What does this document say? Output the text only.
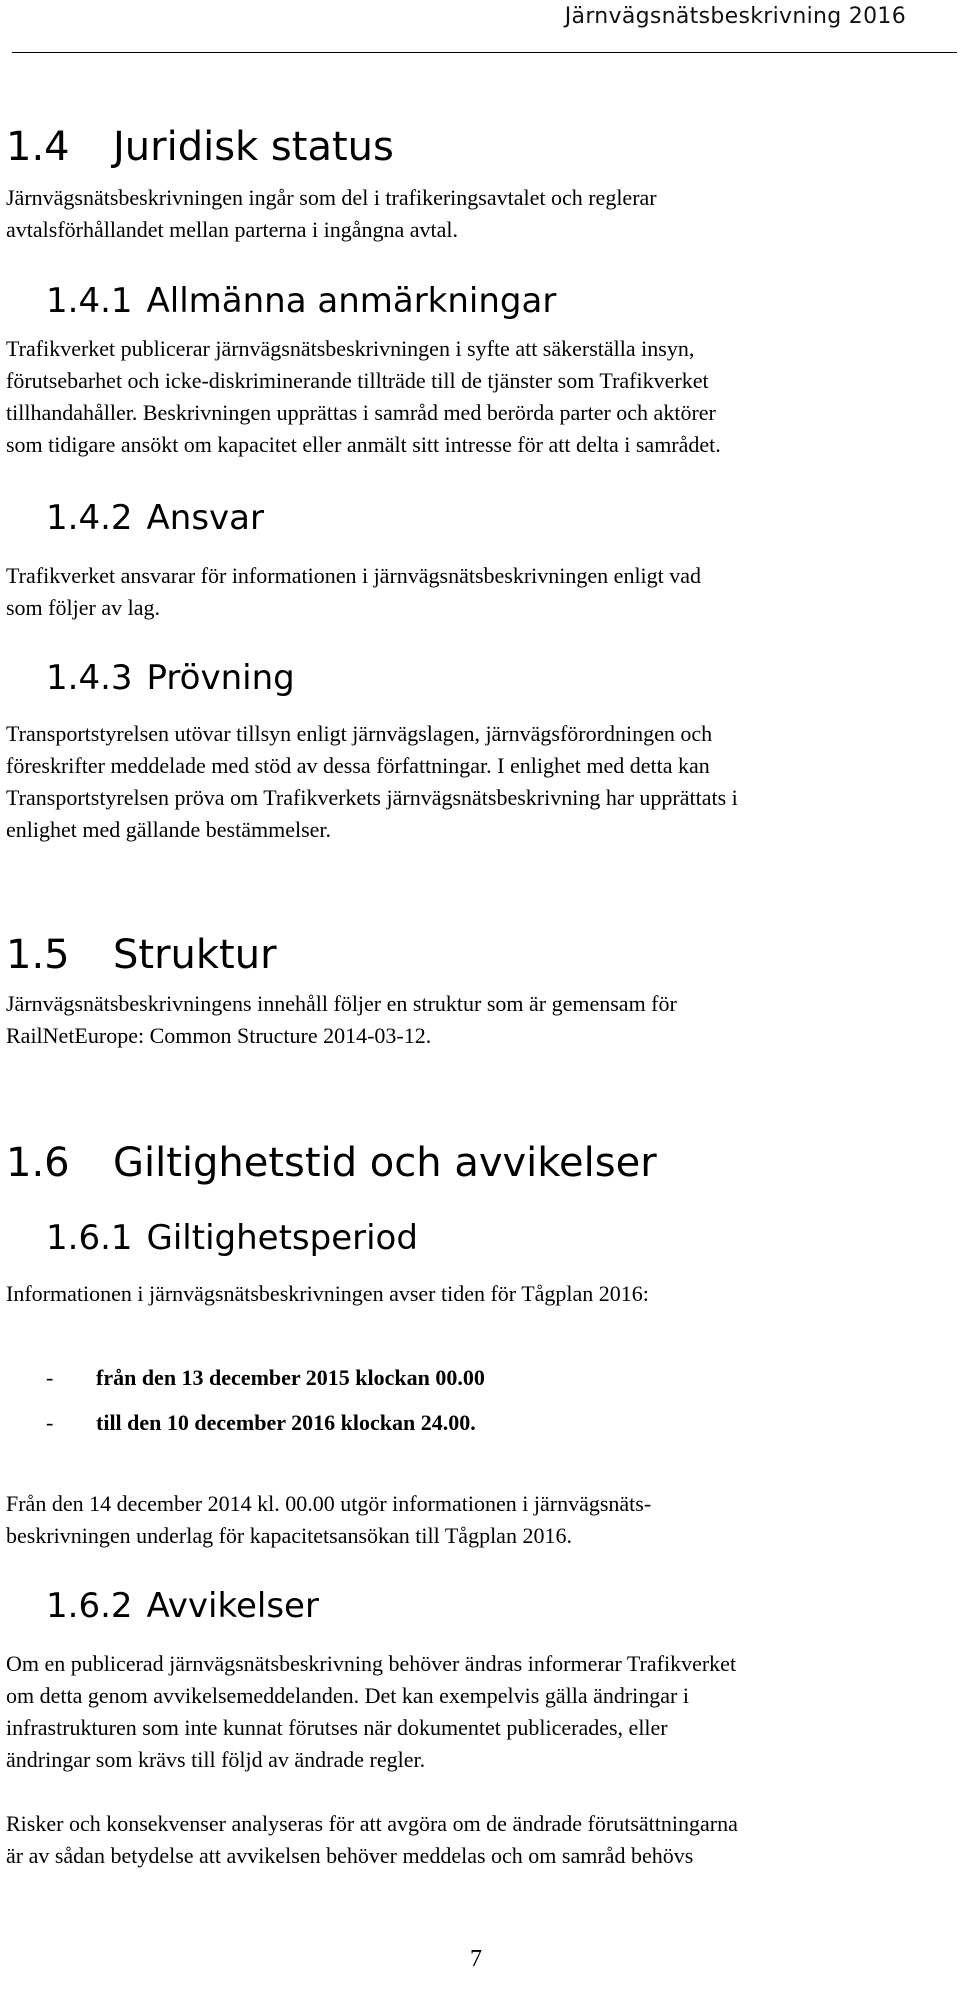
Järnvägsnätsbeskrivning 2016
1.4 Juridisk status

Järnvägsnätsbeskrivningen ingår som del i trafikeringsavtalet och reglerar
avtalsförhållandet mellan parterna i ingångna avtal.

1.4.1 Allmänna anmärkningar

Trafikverket publicerar järnvägsnätsbeskrivningen i syfte att säkerställa insyn,
förutsebarhet och icke-diskriminerande tillträde till de tjänster som Trafikverket
tillhandahåller. Beskrivningen upprättas i samråd med berörda parter och aktörer
som tidigare ansökt om kapacitet eller anmält sitt intresse för att delta i samrådet.

1.4.2 Ansvar

Trafikverket ansvarar för informationen i järnvägsnätsbeskrivningen enligt vad
som följer av lag.

1.4.3 Prövning

Transportstyrelsen utövar tillsyn enligt järnvägslagen, järnvägsförordningen och
föreskrifter meddelade med stöd av dessa författningar. I enlighet med detta kan
Transportstyrelsen pröva om Trafikverkets järnvägsnätsbeskrivning har upprättats i
enlighet med gällande bestämmelser.

1.5 Struktur

Järnvägsnätsbeskrivningens innehåll följer en struktur som är gemensam för
RailNetEurope: Common Structure 2014-03-12.

1.6 Giltighetstid och avvikelser
1.6.1 Giltighetsperiod

Informationen i järnvägsnätsbeskrivningen avser tiden för Tågplan 2016:

- från den 13 december 2015 klockan 00.00
- till den 10 december 2016 klockan 24.00.

Från den 14 december 2014 kl. 00.00 utgör informationen i järnvägsnäts-
beskrivningen underlag för kapacitetsansökan till Tågplan 2016.

1.6.2 Avvikelser

Om en publicerad järnvägsnätsbeskrivning behöver ändras informerar Trafikverket
om detta genom avvikelsemeddelanden. Det kan exempelvis gälla ändringar i
infrastrukturen som inte kunnat förutses när dokumentet publicerades, eller
ändringar som krävs till följd av ändrade regler.

Risker och konsekvenser analyseras för att avgöra om de ändrade förutsättningarna
är av sådan betydelse att avvikelsen behöver meddelas och om samråd behövs

7
